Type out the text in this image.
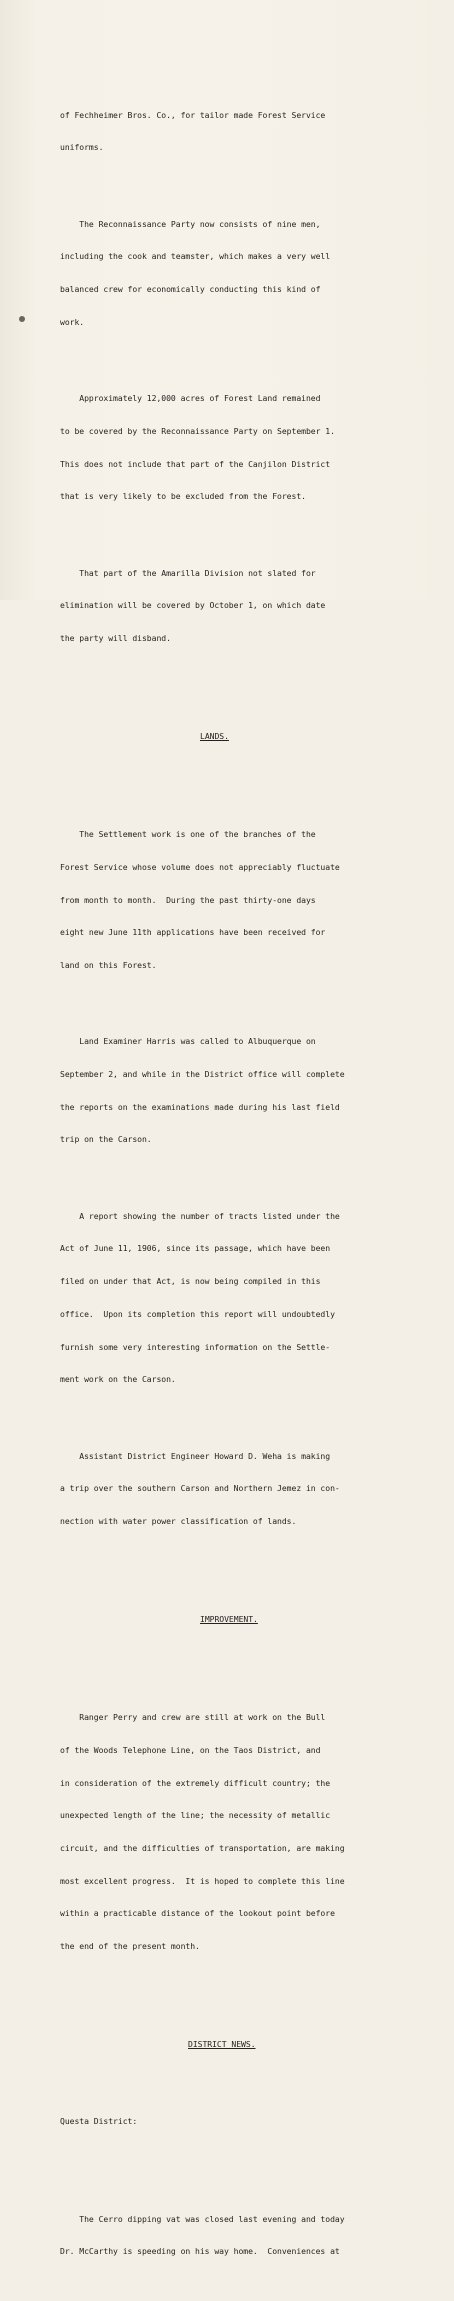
of Fechheimer Bros. Co., for tailor made Forest Service

uniforms.

The Reconnaissance Party now consists of nine men,

including the cook and teamster, which makes a very well

balanced crew for economically conducting this kind of

work.

Approximately 12,000 acres of Forest Land remained

to be covered by the Reconnaissance Party on September 1.

This does not include that part of the Canjilon District

that is very likely to be excluded from the Forest.

That part of the Amarilla Division not slated for

elimination will be covered by October 1, on which date

the party will disband.

LANDS.

The Settlement work is one of the branches of the

Forest Service whose volume does not appreciably fluctuate

from month to month.  During the past thirty-one days

eight new June 11th applications have been received for

land on this Forest.

Land Examiner Harris was called to Albuquerque on

September 2, and while in the District office will complete

the reports on the examinations made during his last field

trip on the Carson.

A report showing the number of tracts listed under the

Act of June 11, 1906, since its passage, which have been

filed on under that Act, is now being compiled in this

office.  Upon its completion this report will undoubtedly

furnish some very interesting information on the Settle-

ment work on the Carson.

Assistant District Engineer Howard D. Weha is making

a trip over the southern Carson and Northern Jemez in con-

nection with water power classification of lands.

IMPROVEMENT.

Ranger Perry and crew are still at work on the Bull

of the Woods Telephone Line, on the Taos District, and

in consideration of the extremely difficult country; the

unexpected length of the line; the necessity of metallic

circuit, and the difficulties of transportation, are making

most excellent progress.  It is hoped to complete this line

within a practicable distance of the lookout point before

the end of the present month.

DISTRICT NEWS.

Questa District:

The Cerro dipping vat was closed last evening and today

Dr. McCarthy is speeding on his way home.  Conveniences at
